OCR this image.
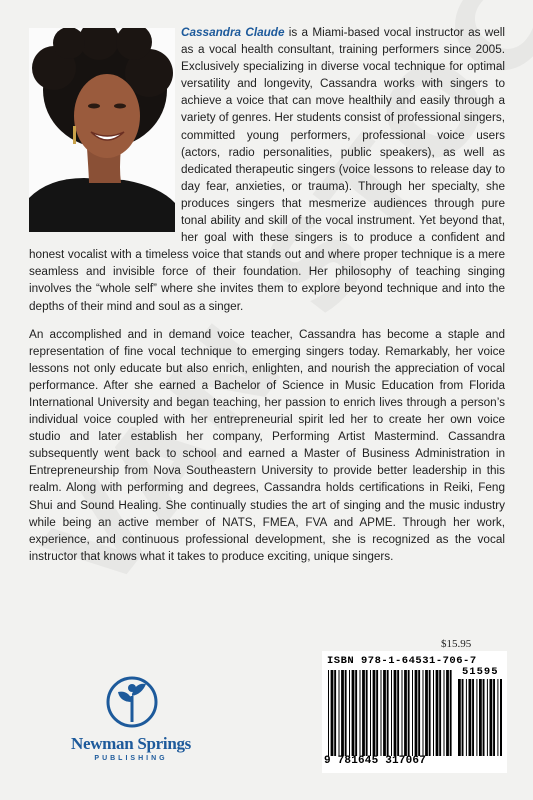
Cassandra Claude is a Miami-based vocal instructor as well as a vocal health consultant, training performers since 2005. Exclusively specializing in diverse vocal technique for optimal versatility and longevity, Cassandra works with singers to achieve a voice that can move healthily and easily through a variety of genres. Her students consist of professional singers, committed young performers, professional voice users (actors, radio personalities, public speakers), as well as dedicated therapeutic singers (voice lessons to release day to day fear, anxieties, or trauma). Through her specialty, she produces singers that mesmerize audiences through pure tonal ability and skill of the vocal instrument. Yet beyond that, her goal with these singers is to produce a confident and honest vocalist with a timeless voice that stands out and where proper technique is a mere seamless and invisible force of their foundation. Her philosophy of teaching singing involves the “whole self” where she invites them to explore beyond technique and into the depths of their mind and soul as a singer.

An accomplished and in demand voice teacher, Cassandra has become a staple and representation of fine vocal technique to emerging singers today. Remarkably, her voice lessons not only educate but also enrich, enlighten, and nourish the appreciation of vocal performance. After she earned a Bachelor of Science in Music Education from Florida International University and began teaching, her passion to enrich lives through a person’s individual voice coupled with her entrepreneurial spirit led her to create her own voice studio and later establish her company, Performing Artist Mastermind. Cassandra subsequently went back to school and earned a Master of Business Administration in Entrepreneurship from Nova Southeastern University to provide better leadership in this realm. Along with performing and degrees, Cassandra holds certifications in Reiki, Feng Shui and Sound Healing. She continually studies the art of singing and the music industry while being an active member of NATS, FMEA, FVA and APME. Through her work, experience, and continuous professional development, she is recognized as the vocal instructor that knows what it takes to produce exciting, unique singers.

$15.95
ISBN 978-1-64531-706-7
51595
9 781645 317067
Newman Springs
PUBLISHING
